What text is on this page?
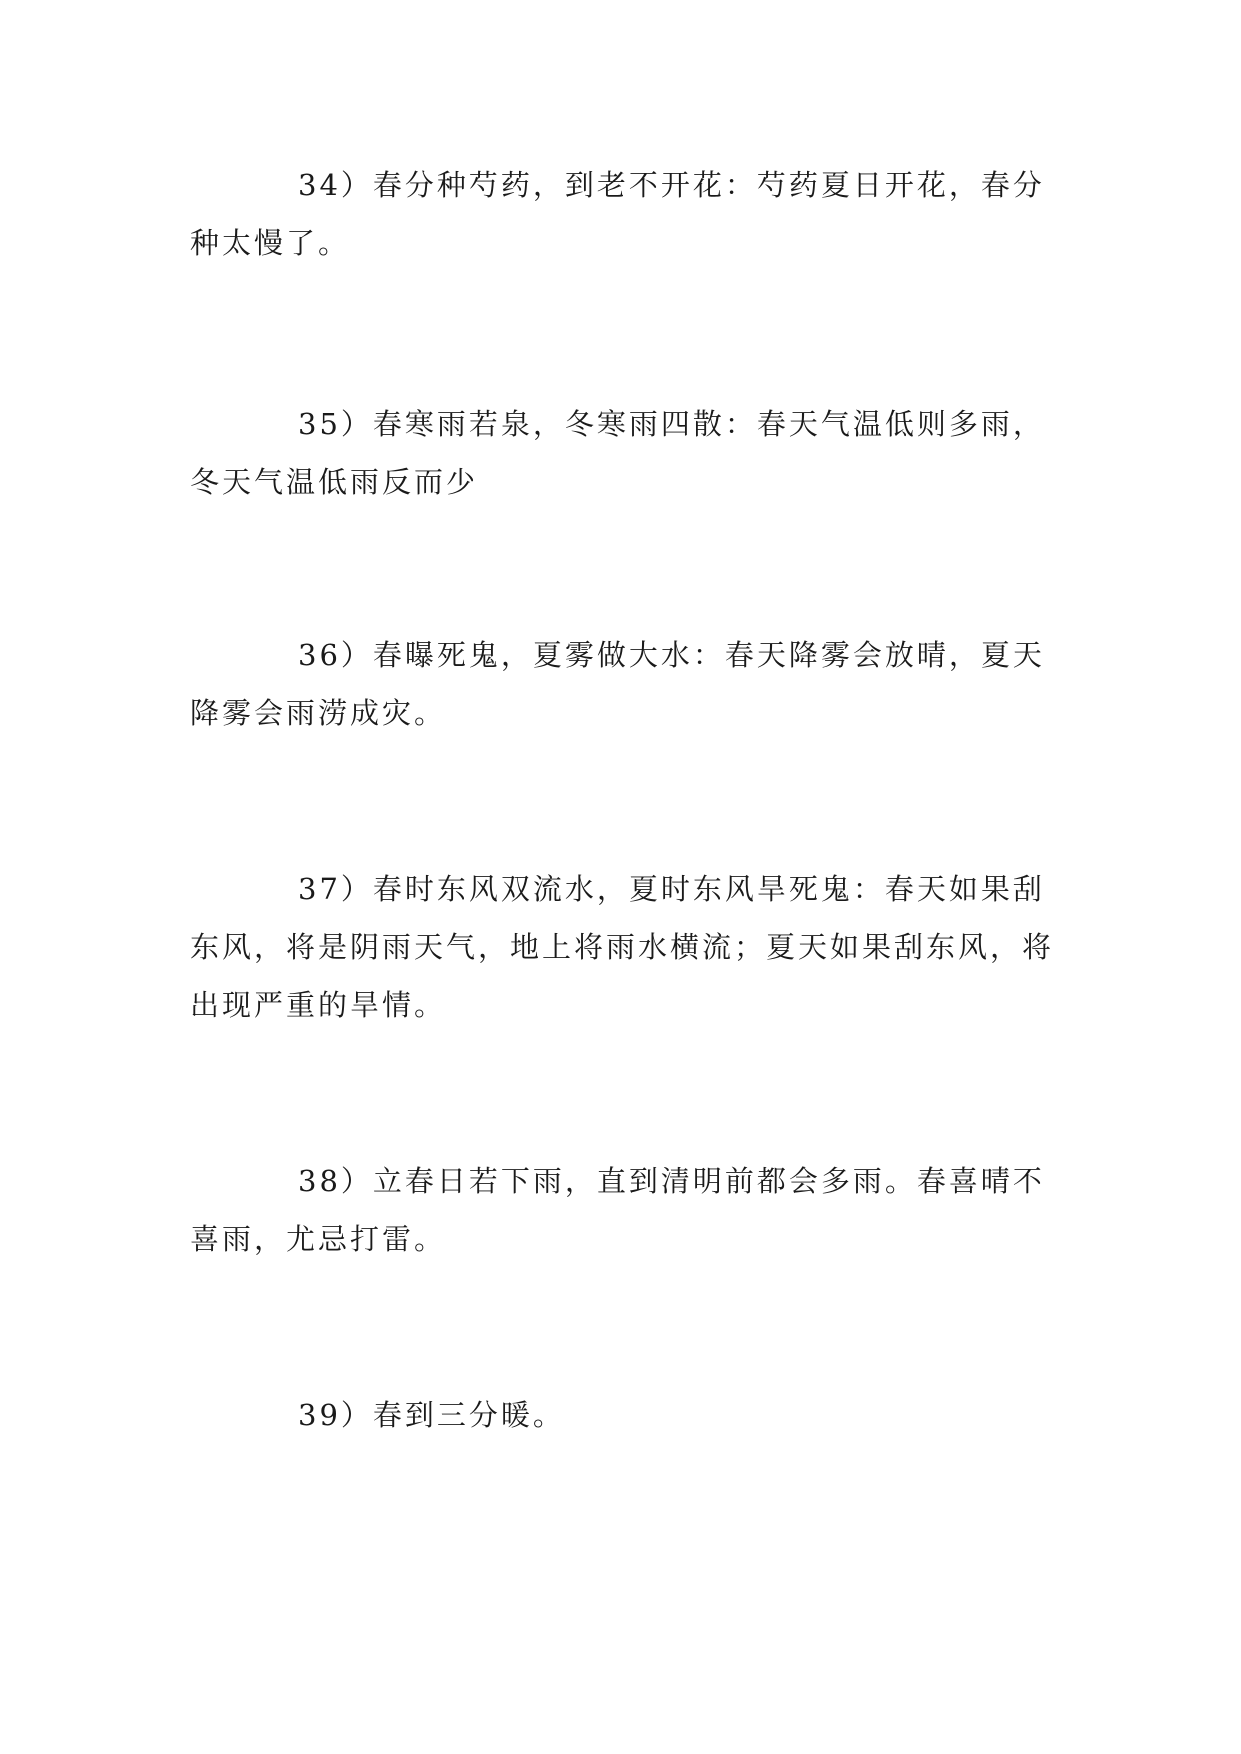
34）春分种芍药，到老不开花：芍药夏日开花，春分种太慢了。

35）春寒雨若泉，冬寒雨四散：春天气温低则多雨，冬天气温低雨反而少

36）春曝死鬼，夏雾做大水：春天降雾会放晴，夏天降雾会雨涝成灾。

37）春时东风双流水，夏时东风旱死鬼：春天如果刮东风，将是阴雨天气，地上将雨水横流；夏天如果刮东风，将出现严重的旱情。

38）立春日若下雨，直到清明前都会多雨。春喜晴不喜雨，尤忌打雷。

39）春到三分暖。
